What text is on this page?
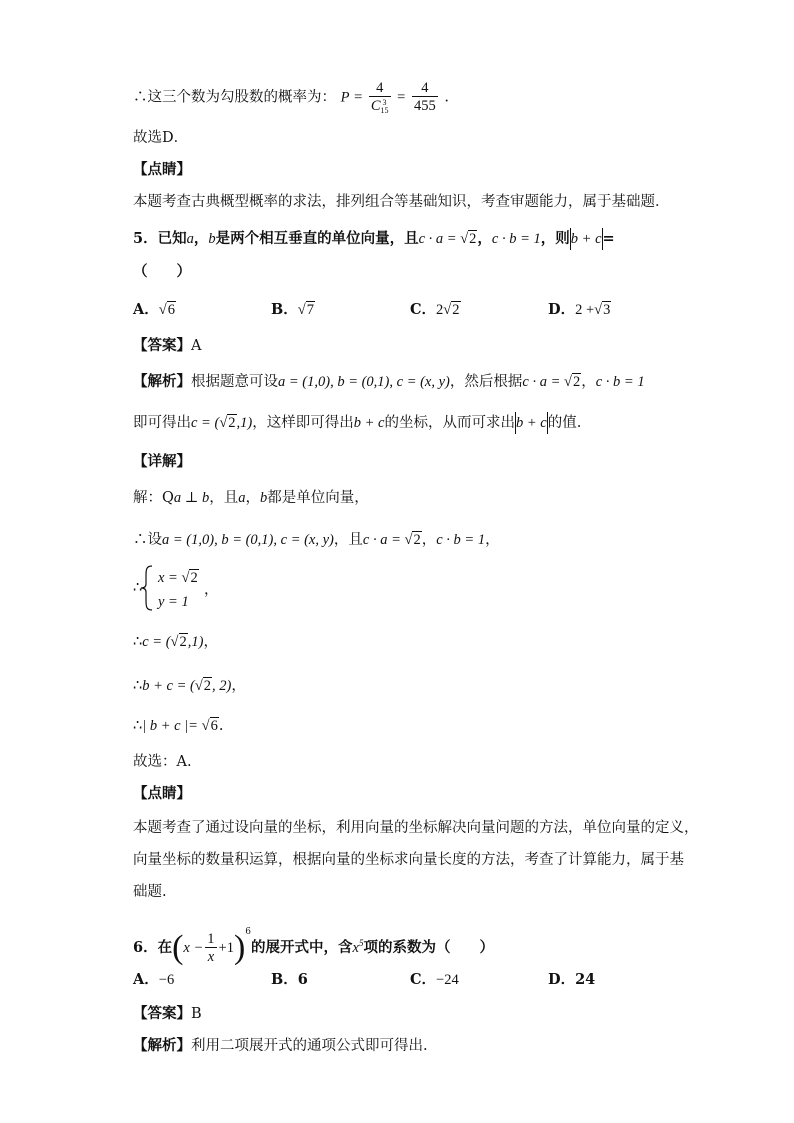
∴这三个数为勾股数的概率为： P = 4
C 3
$15 = \frac{4}{455}$ .
故选D．
【点睛】
本题考查古典概型概率的求法，排列组合等基础知识，考查审题能力，属于基础题．
5．已知a，b是两个相互垂直的单位向量，且c · a = √2，c · b = 1，则b + c=
（　　）
A．√6	B．√7	C．2√2	D．2 +√3
【答案】A
【解析】根据题意可设a = (1,0), b = (0,1), c = (x, y)，然后根据c · a = √2，c · b = 1
即可得出c = (√2,1)，这样即可得出b + c的坐标，从而可求出b + c的值.
【详解】
解：Qa ⊥ b，且a，b都是单位向量，
∴设a = (1,0), b = (0,1), c = (x, y)，且c · a = √2，c · b = 1，
∴
x = √2
y = 1
，
∴c = (√2,1)，
∴b + c = (√2, 2)，
∴| b + c |= √6.
故选：A.
【点睛】
本题考查了通过设向量的坐标，利用向量的坐标解决向量问题的方法，单位向量的定义，
向量坐标的数量积运算，根据向量的坐标求向量长度的方法，考查了计算能力，属于基
础题.
6．在$(x - \frac{1}{x} +1)^6$的展开式中，含$x^5$项的系数为（　　）
A．−6	B．6	C．−24	D．24
【答案】B
【解析】利用二项展开式的通项公式即可得出.
